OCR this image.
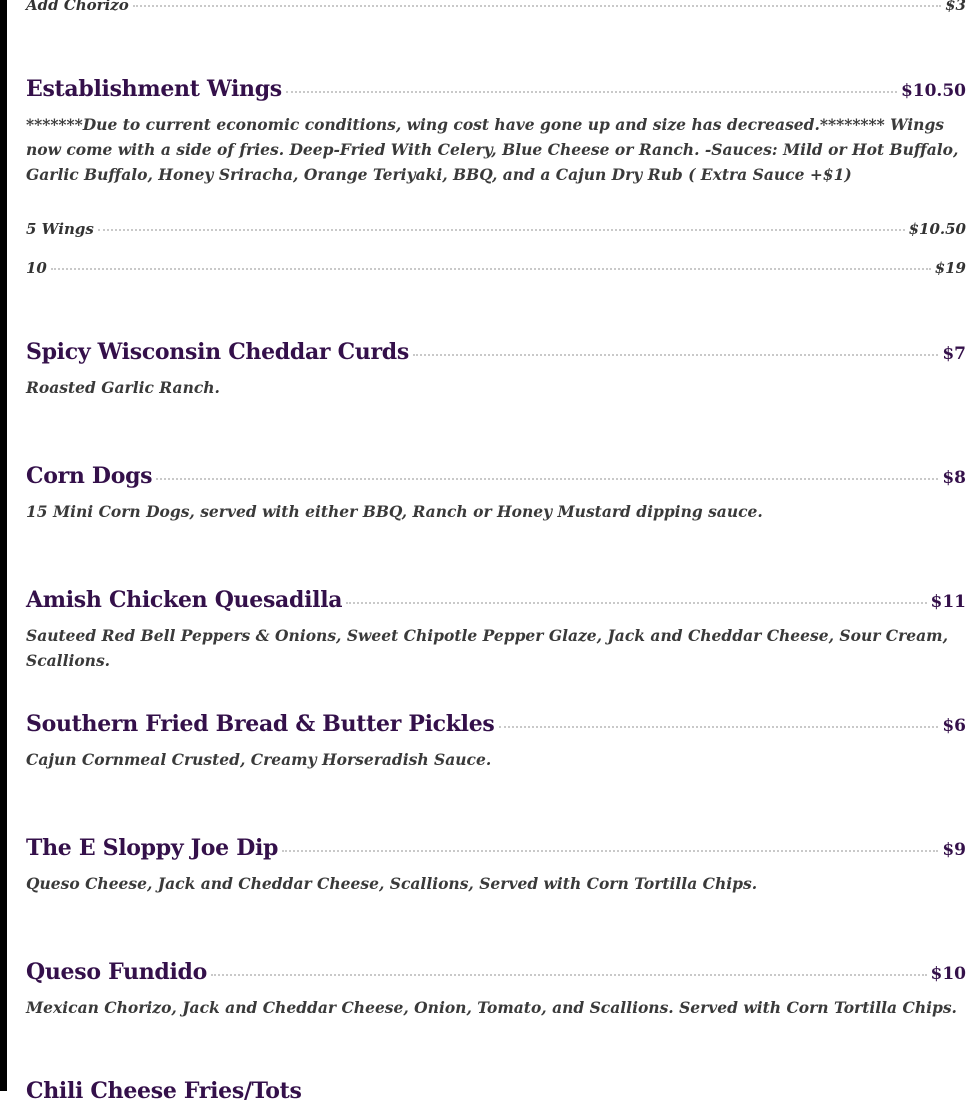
Add Chorizo	$3
Establishment Wings	$10.50
*******Due to current economic conditions, wing cost have gone up and size has decreased.******** Wings now come with a side of fries. Deep-Fried With Celery, Blue Cheese or Ranch. -Sauces: Mild or Hot Buffalo, Garlic Buffalo, Honey Sriracha, Orange Teriyaki, BBQ, and a Cajun Dry Rub ( Extra Sauce +$1)
5 Wings	$10.50
10	$19
Spicy Wisconsin Cheddar Curds	$7
Roasted Garlic Ranch.
Corn Dogs	$8
15 Mini Corn Dogs, served with either BBQ, Ranch or Honey Mustard dipping sauce.
Amish Chicken Quesadilla	$11
Sauteed Red Bell Peppers & Onions, Sweet Chipotle Pepper Glaze, Jack and Cheddar Cheese, Sour Cream, Scallions.
Southern Fried Bread & Butter Pickles	$6
Cajun Cornmeal Crusted, Creamy Horseradish Sauce.
The E Sloppy Joe Dip	$9
Queso Cheese, Jack and Cheddar Cheese, Scallions, Served with Corn Tortilla Chips.
Queso Fundido	$10
Mexican Chorizo, Jack and Cheddar Cheese, Onion, Tomato, and Scallions. Served with Corn Tortilla Chips.
Chili Cheese Fries/Tots
